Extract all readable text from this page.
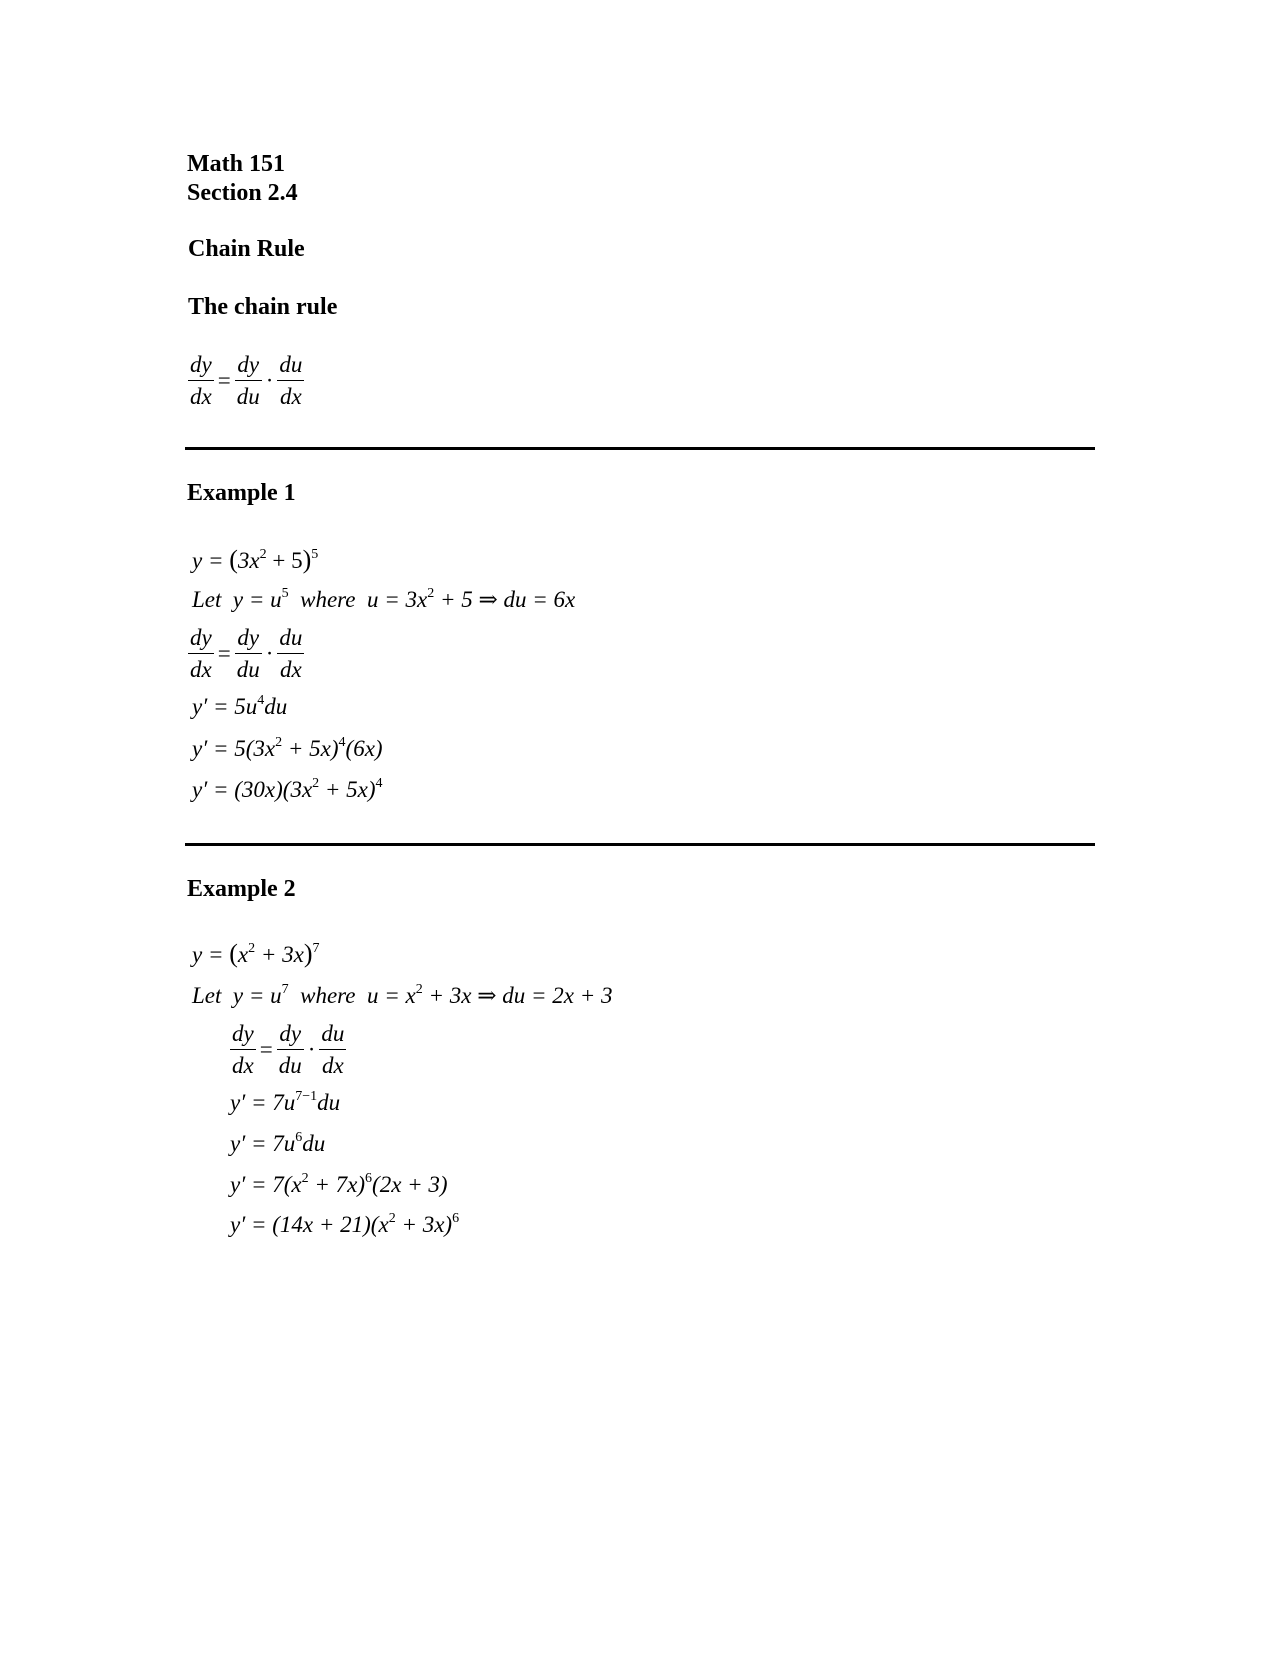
Math 151
Section 2.4
Chain Rule
The chain rule
$\frac{dy}{dx} = \frac{dy}{du} \cdot \frac{du}{dx}$
Example 1
$y = (3x^2 + 5)^5$
Let $y = u^5$ where $u = 3x^2 + 5$ ⇒ du = 6x
$\frac{dy}{dx} = \frac{dy}{du} \cdot \frac{du}{dx}$
$y' = 5u^4du$
$y' = 5(3x^2 + 5x)^4(6x)$
$y' = (30x)(3x^2 + 5x)^4$
Example 2
$y = (x^2 + 3x)^7$
Let $y = u^7$ where $u = x^2 + 3x$ ⇒ du = 2x + 3
$\frac{dy}{dx} = \frac{dy}{du} \cdot \frac{du}{dx}$
$y' = 7u^{7-1}du$
$y' = 7u^6du$
$y' = 7(x^2 + 7x)^6(2x + 3)$
$y' = (14x + 21)(x^2 + 3x)^6$
